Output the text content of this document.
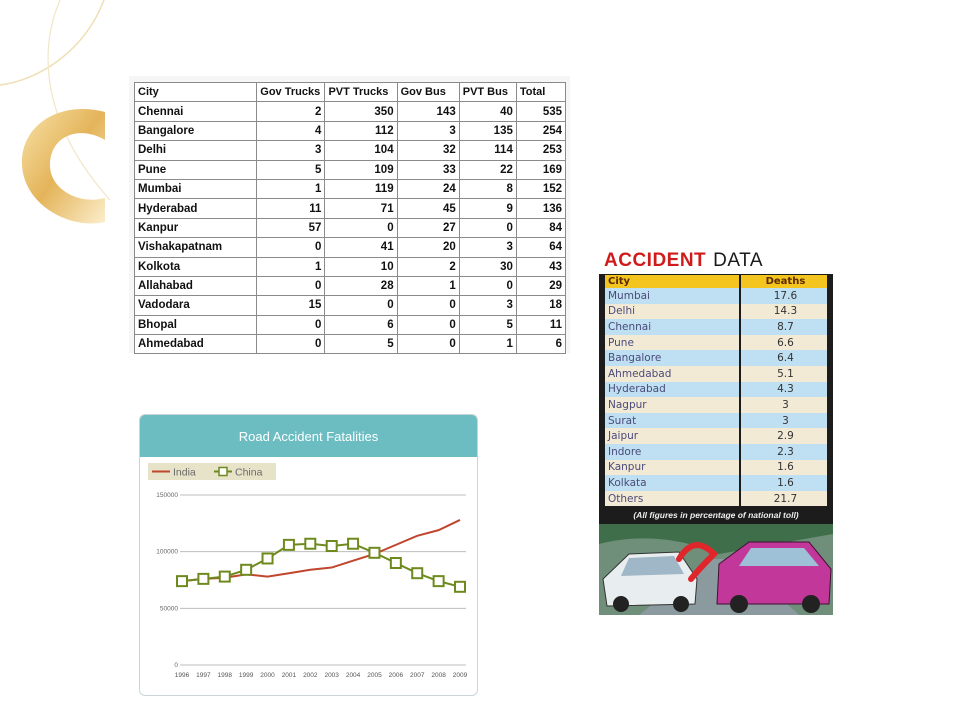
City	Gov Trucks	PVT Trucks	Gov Bus	PVT Bus	Total
Chennai	2	350	143	40	535
Bangalore	4	112	3	135	254
Delhi	3	104	32	114	253
Pune	5	109	33	22	169
Mumbai	1	119	24	8	152
Hyderabad	11	71	45	9	136
Kanpur	57	0	27	0	84
Vishakapatnam	0	41	20	3	64
Kolkota	1	10	2	30	43
Allahabad	0	28	1	0	29
Vadodara	15	0	0	3	18
Bhopal	0	6	0	5	11
Ahmedabad	0	5	0	1	6
Road Accident Fatalities
India	China
0
50000
100000
150000
1996 1997 1998 1999 2000 2001 2002 2003 2004 2005 2006 2007 2008 2009
ACCIDENT DATA
City		Deaths
Mumbai		17.6
Delhi		14.3
Chennai		8.7
Pune		6.6
Bangalore		6.4
Ahmedabad		5.1
Hyderabad		4.3
Nagpur		3
Surat		3
Jaipur		2.9
Indore		2.3
Kanpur		1.6
Kolkata		1.6
Others		21.7
(All figures in percentage of national toll)
